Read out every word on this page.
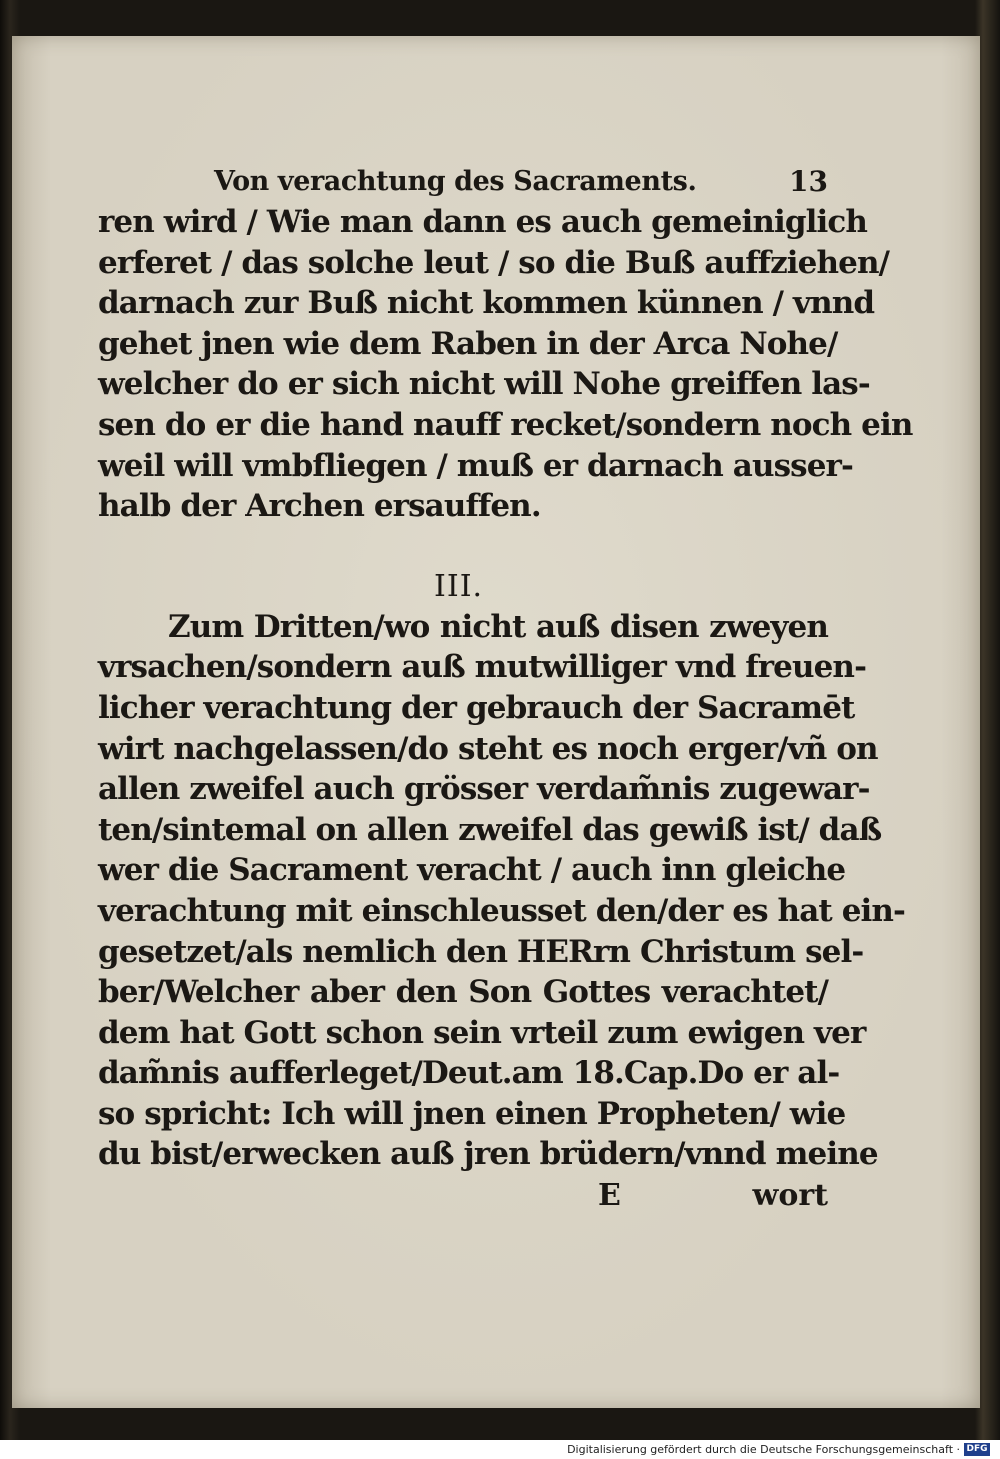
Von verachtung des Sacraments.	13
ren wird / Wie man dann es auch gemeiniglich
erferet / das solche leut / so die Buß auffziehen/
darnach zur Buß nicht kommen künnen / vnnd
gehet jnen wie dem Raben in der Arca Nohe/
welcher do er sich nicht will Nohe greiffen las-
sen do er die hand nauff recket/sondern noch ein
weil will vmbfliegen / muß er darnach ausser-
halb der Archen ersauffen.
III.
Zum Dritten/wo nicht auß disen zweyen
vrsachen/sondern auß mutwilliger vnd freuen-
licher verachtung der gebrauch der Sacramēt
wirt nachgelassen/do steht es noch erger/vñ on
allen zweifel auch grösser verdam̃nis zugewar-
ten/sintemal on allen zweifel das gewiß ist/ daß
wer die Sacrament veracht / auch inn gleiche
verachtung mit einschleusset den/der es hat ein-
gesetzet/als nemlich den HERrn Christum sel-
ber/Welcher aber den Son Gottes verachtet/
dem hat Gott schon sein vrteil zum ewigen ver
dam̃nis aufferleget/Deut.am 18.Cap.Do er al-
so spricht: Ich will jnen einen Propheten/ wie
du bist/erwecken auß jren brüdern/vnnd meine
E	wort
Digitalisierung gefördert durch die Deutsche Forschungsgemeinschaft · DFG
